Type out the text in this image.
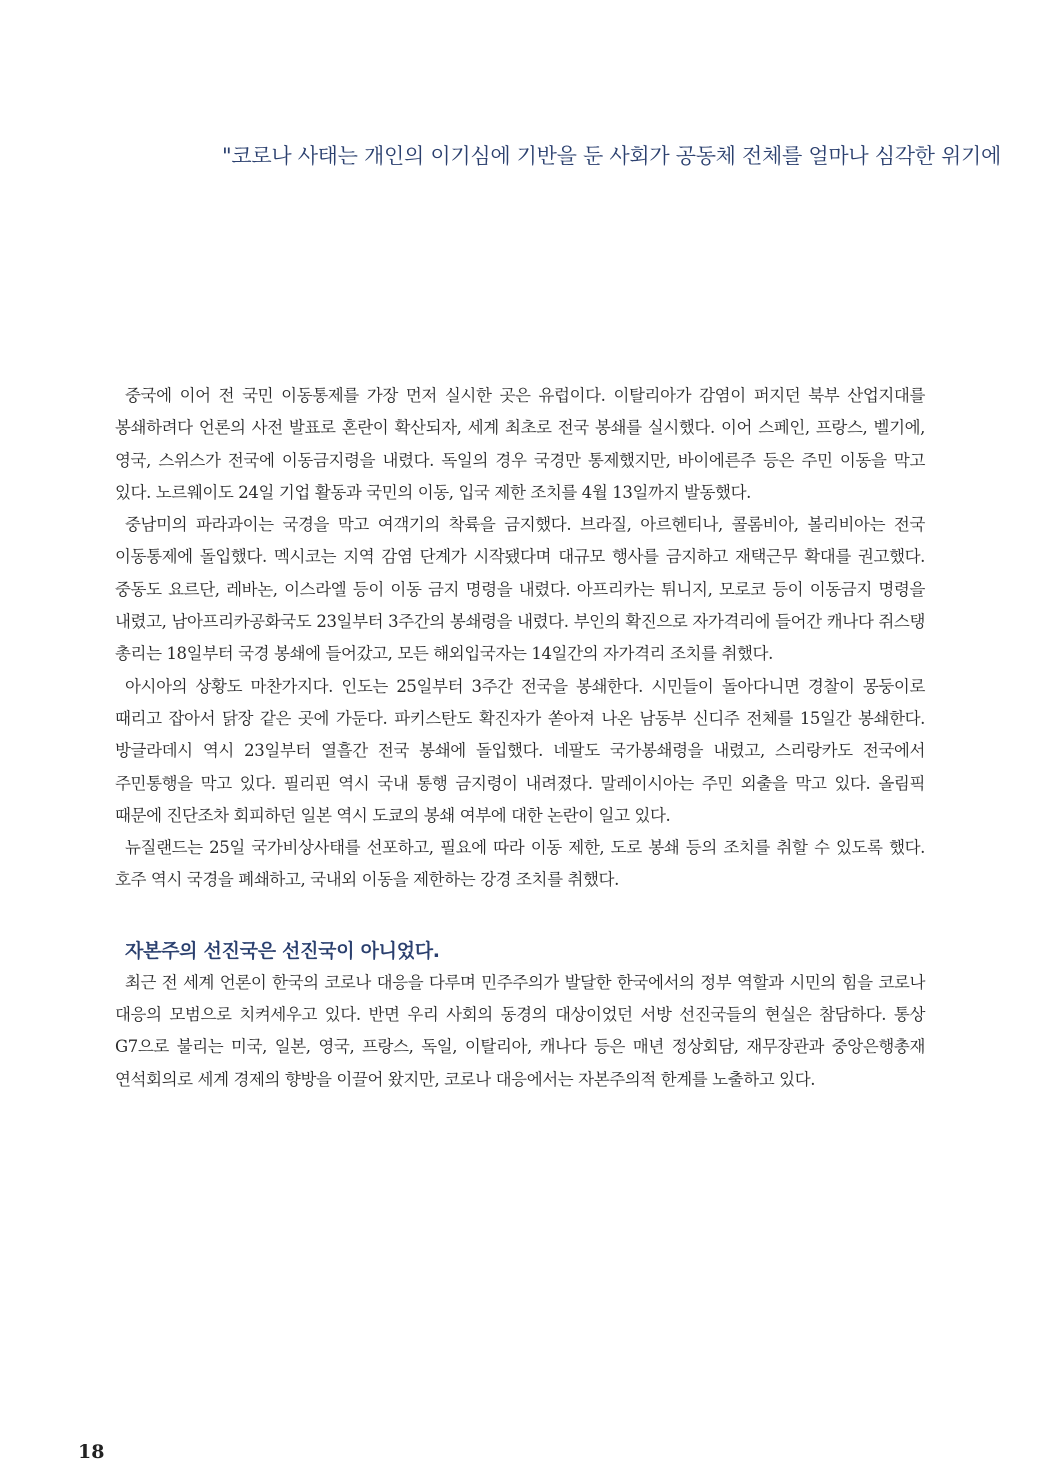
"코로나 사태는 개인의 이기심에 기반을 둔 사회가 공동체 전체를 얼마나 심각한 위기에

중국에 이어 전 국민 이동통제를 가장 먼저 실시한 곳은 유럽이다. 이탈리아가 감염이 퍼지던 북부 산업지대를 봉쇄하려다 언론의 사전 발표로 혼란이 확산되자, 세계 최초로 전국 봉쇄를 실시했다. 이어 스페인, 프랑스, 벨기에, 영국, 스위스가 전국에 이동금지령을 내렸다. 독일의 경우 국경만 통제했지만, 바이에른주 등은 주민 이동을 막고 있다. 노르웨이도 24일 기업 활동과 국민의 이동, 입국 제한 조치를 4월 13일까지 발동했다.

중남미의 파라과이는 국경을 막고 여객기의 착륙을 금지했다. 브라질, 아르헨티나, 콜롬비아, 볼리비아는 전국 이동통제에 돌입했다. 멕시코는 지역 감염 단계가 시작됐다며 대규모 행사를 금지하고 재택근무 확대를 권고했다. 중동도 요르단, 레바논, 이스라엘 등이 이동 금지 명령을 내렸다. 아프리카는 튀니지, 모로코 등이 이동금지 명령을 내렸고, 남아프리카공화국도 23일부터 3주간의 봉쇄령을 내렸다. 부인의 확진으로 자가격리에 들어간 캐나다 쥐스탱 총리는 18일부터 국경 봉쇄에 들어갔고, 모든 해외입국자는 14일간의 자가격리 조치를 취했다.

아시아의 상황도 마찬가지다. 인도는 25일부터 3주간 전국을 봉쇄한다. 시민들이 돌아다니면 경찰이 몽둥이로 때리고 잡아서 닭장 같은 곳에 가둔다. 파키스탄도 확진자가 쏟아져 나온 남동부 신디주 전체를 15일간 봉쇄한다. 방글라데시 역시 23일부터 열흘간 전국 봉쇄에 돌입했다. 네팔도 국가봉쇄령을 내렸고, 스리랑카도 전국에서 주민통행을 막고 있다. 필리핀 역시 국내 통행 금지령이 내려졌다. 말레이시아는 주민 외출을 막고 있다. 올림픽 때문에 진단조차 회피하던 일본 역시 도쿄의 봉쇄 여부에 대한 논란이 일고 있다.

뉴질랜드는 25일 국가비상사태를 선포하고, 필요에 따라 이동 제한, 도로 봉쇄 등의 조치를 취할 수 있도록 했다. 호주 역시 국경을 폐쇄하고, 국내외 이동을 제한하는 강경 조치를 취했다.

자본주의 선진국은 선진국이 아니었다.

최근 전 세계 언론이 한국의 코로나 대응을 다루며 민주주의가 발달한 한국에서의 정부 역할과 시민의 힘을 코로나 대응의 모범으로 치켜세우고 있다. 반면 우리 사회의 동경의 대상이었던 서방 선진국들의 현실은 참담하다. 통상 G7으로 불리는 미국, 일본, 영국, 프랑스, 독일, 이탈리아, 캐나다 등은 매년 정상회담, 재무장관과 중앙은행총재 연석회의로 세계 경제의 향방을 이끌어 왔지만, 코로나 대응에서는 자본주의적 한계를 노출하고 있다.

18
